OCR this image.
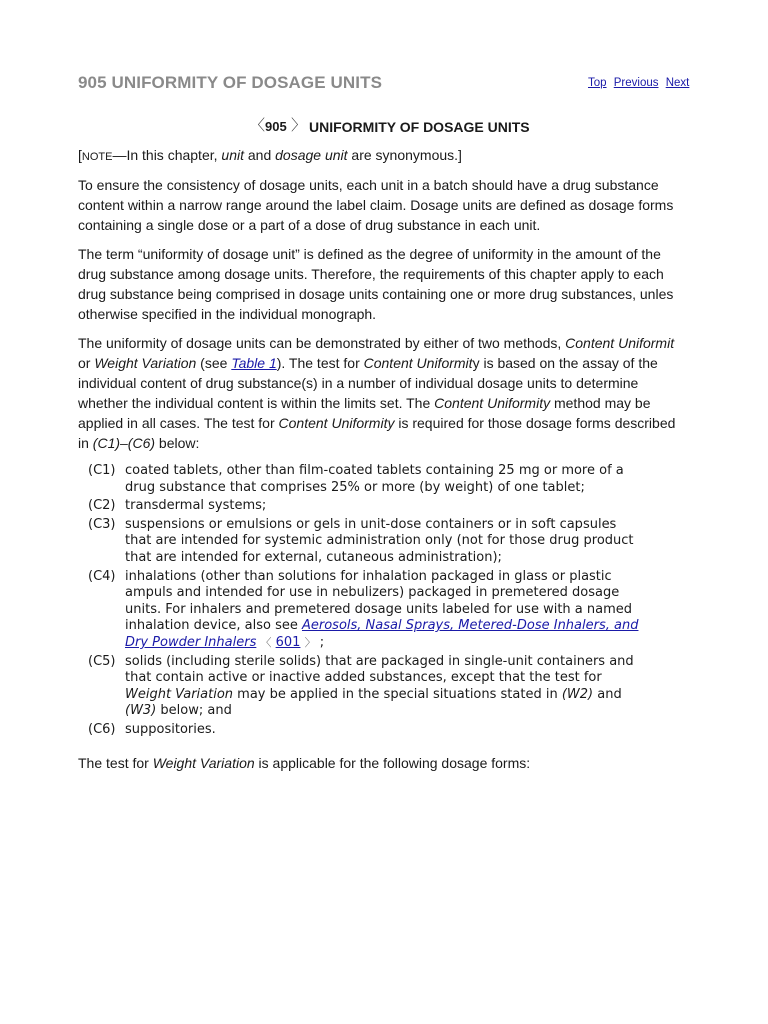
905 UNIFORMITY OF DOSAGE UNITS	Top Previous Next
〈 905 〉 UNIFORMITY OF DOSAGE UNITS
[NOTE—In this chapter, unit and dosage unit are synonymous.]
To ensure the consistency of dosage units, each unit in a batch should have a drug substance
content within a narrow range around the label claim. Dosage units are defined as dosage forms
containing a single dose or a part of a dose of drug substance in each unit.
The term “uniformity of dosage unit” is defined as the degree of uniformity in the amount of the
drug substance among dosage units. Therefore, the requirements of this chapter apply to each
drug substance being comprised in dosage units containing one or more drug substances, unles
otherwise specified in the individual monograph.
The uniformity of dosage units can be demonstrated by either of two methods, Content Uniformit
or Weight Variation (see Table 1). The test for Content Uniformity is based on the assay of the
individual content of drug substance(s) in a number of individual dosage units to determine
whether the individual content is within the limits set. The Content Uniformity method may be
applied in all cases. The test for Content Uniformity is required for those dosage forms described
in (C1)–(C6) below:
(C1) coated tablets, other than film-coated tablets containing 25 mg or more of a
drug substance that comprises 25% or more (by weight) of one tablet;
(C2) transdermal systems;
(C3) suspensions or emulsions or gels in unit-dose containers or in soft capsules
that are intended for systemic administration only (not for those drug product
that are intended for external, cutaneous administration);
(C4) inhalations (other than solutions for inhalation packaged in glass or plastic
ampuls and intended for use in nebulizers) packaged in premetered dosage
units. For inhalers and premetered dosage units labeled for use with a named
inhalation device, also see Aerosols, Nasal Sprays, Metered-Dose Inhalers, and
Dry Powder Inhalers 〈 601 〉 ;
(C5) solids (including sterile solids) that are packaged in single-unit containers and
that contain active or inactive added substances, except that the test for
Weight Variation may be applied in the special situations stated in (W2) and
(W3) below; and
(C6) suppositories.
The test for Weight Variation is applicable for the following dosage forms:
